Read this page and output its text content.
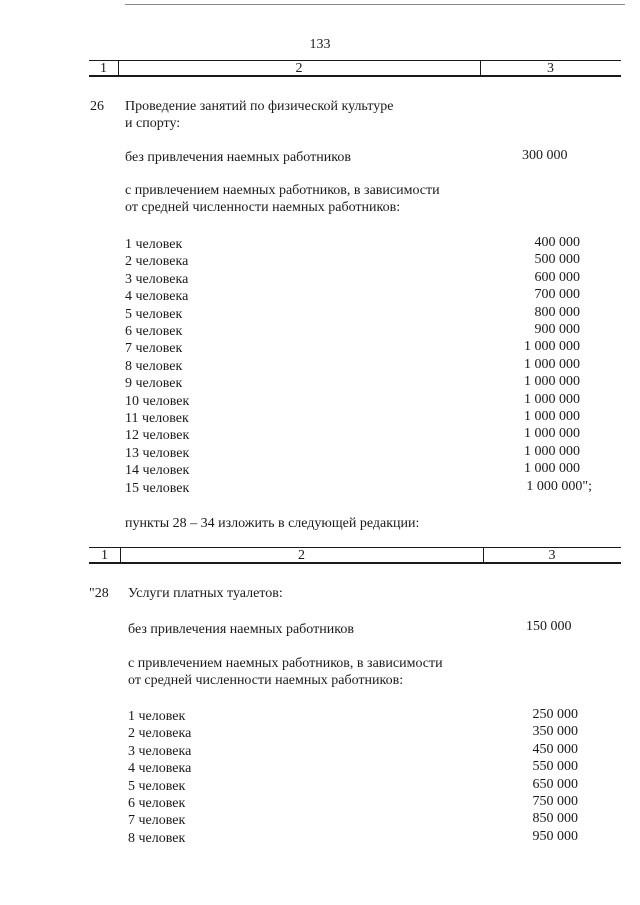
133
1	2	3
26 Проведение занятий по физической культуре
и спорту:
без привлечения наемных работников	300 000
с привлечением наемных работников, в зависимости
от средней численности наемных работников:
1 человек	400 000
2 человека	500 000
3 человека	600 000
4 человека	700 000
5 человек	800 000
6 человек	900 000
7 человек	1 000 000
8 человек	1 000 000
9 человек	1 000 000
10 человек	1 000 000
11 человек	1 000 000
12 человек	1 000 000
13 человек	1 000 000
14 человек	1 000 000
15 человек	1 000 000";
пункты 28 – 34 изложить в следующей редакции:
1	2	3
"28 Услуги платных туалетов:
без привлечения наемных работников	150 000
с привлечением наемных работников, в зависимости
от средней численности наемных работников:
1 человек	250 000
2 человека	350 000
3 человека	450 000
4 человека	550 000
5 человек	650 000
6 человек	750 000
7 человек	850 000
8 человек	950 000
